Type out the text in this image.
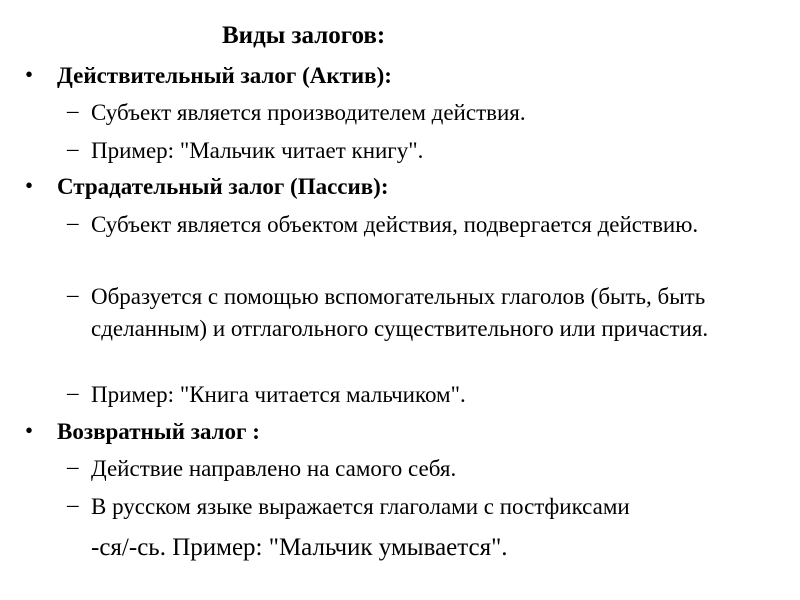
Виды залогов:
• Действительный залог (Актив):
– Субъект является производителем действия.
– Пример: "Мальчик читает книгу".
• Страдательный залог (Пассив):
– Субъект является объектом действия, подвергается действию.
– Образуется с помощью вспомогательных глаголов (быть, быть сделанным) и отглагольного существительного или причастия.
– Пример: "Книга читается мальчиком".
• Возвратный залог :
– Действие направлено на самого себя.
– В русском языке выражается глаголами с постфиксами
-ся/-сь. Пример: "Мальчик умывается".
